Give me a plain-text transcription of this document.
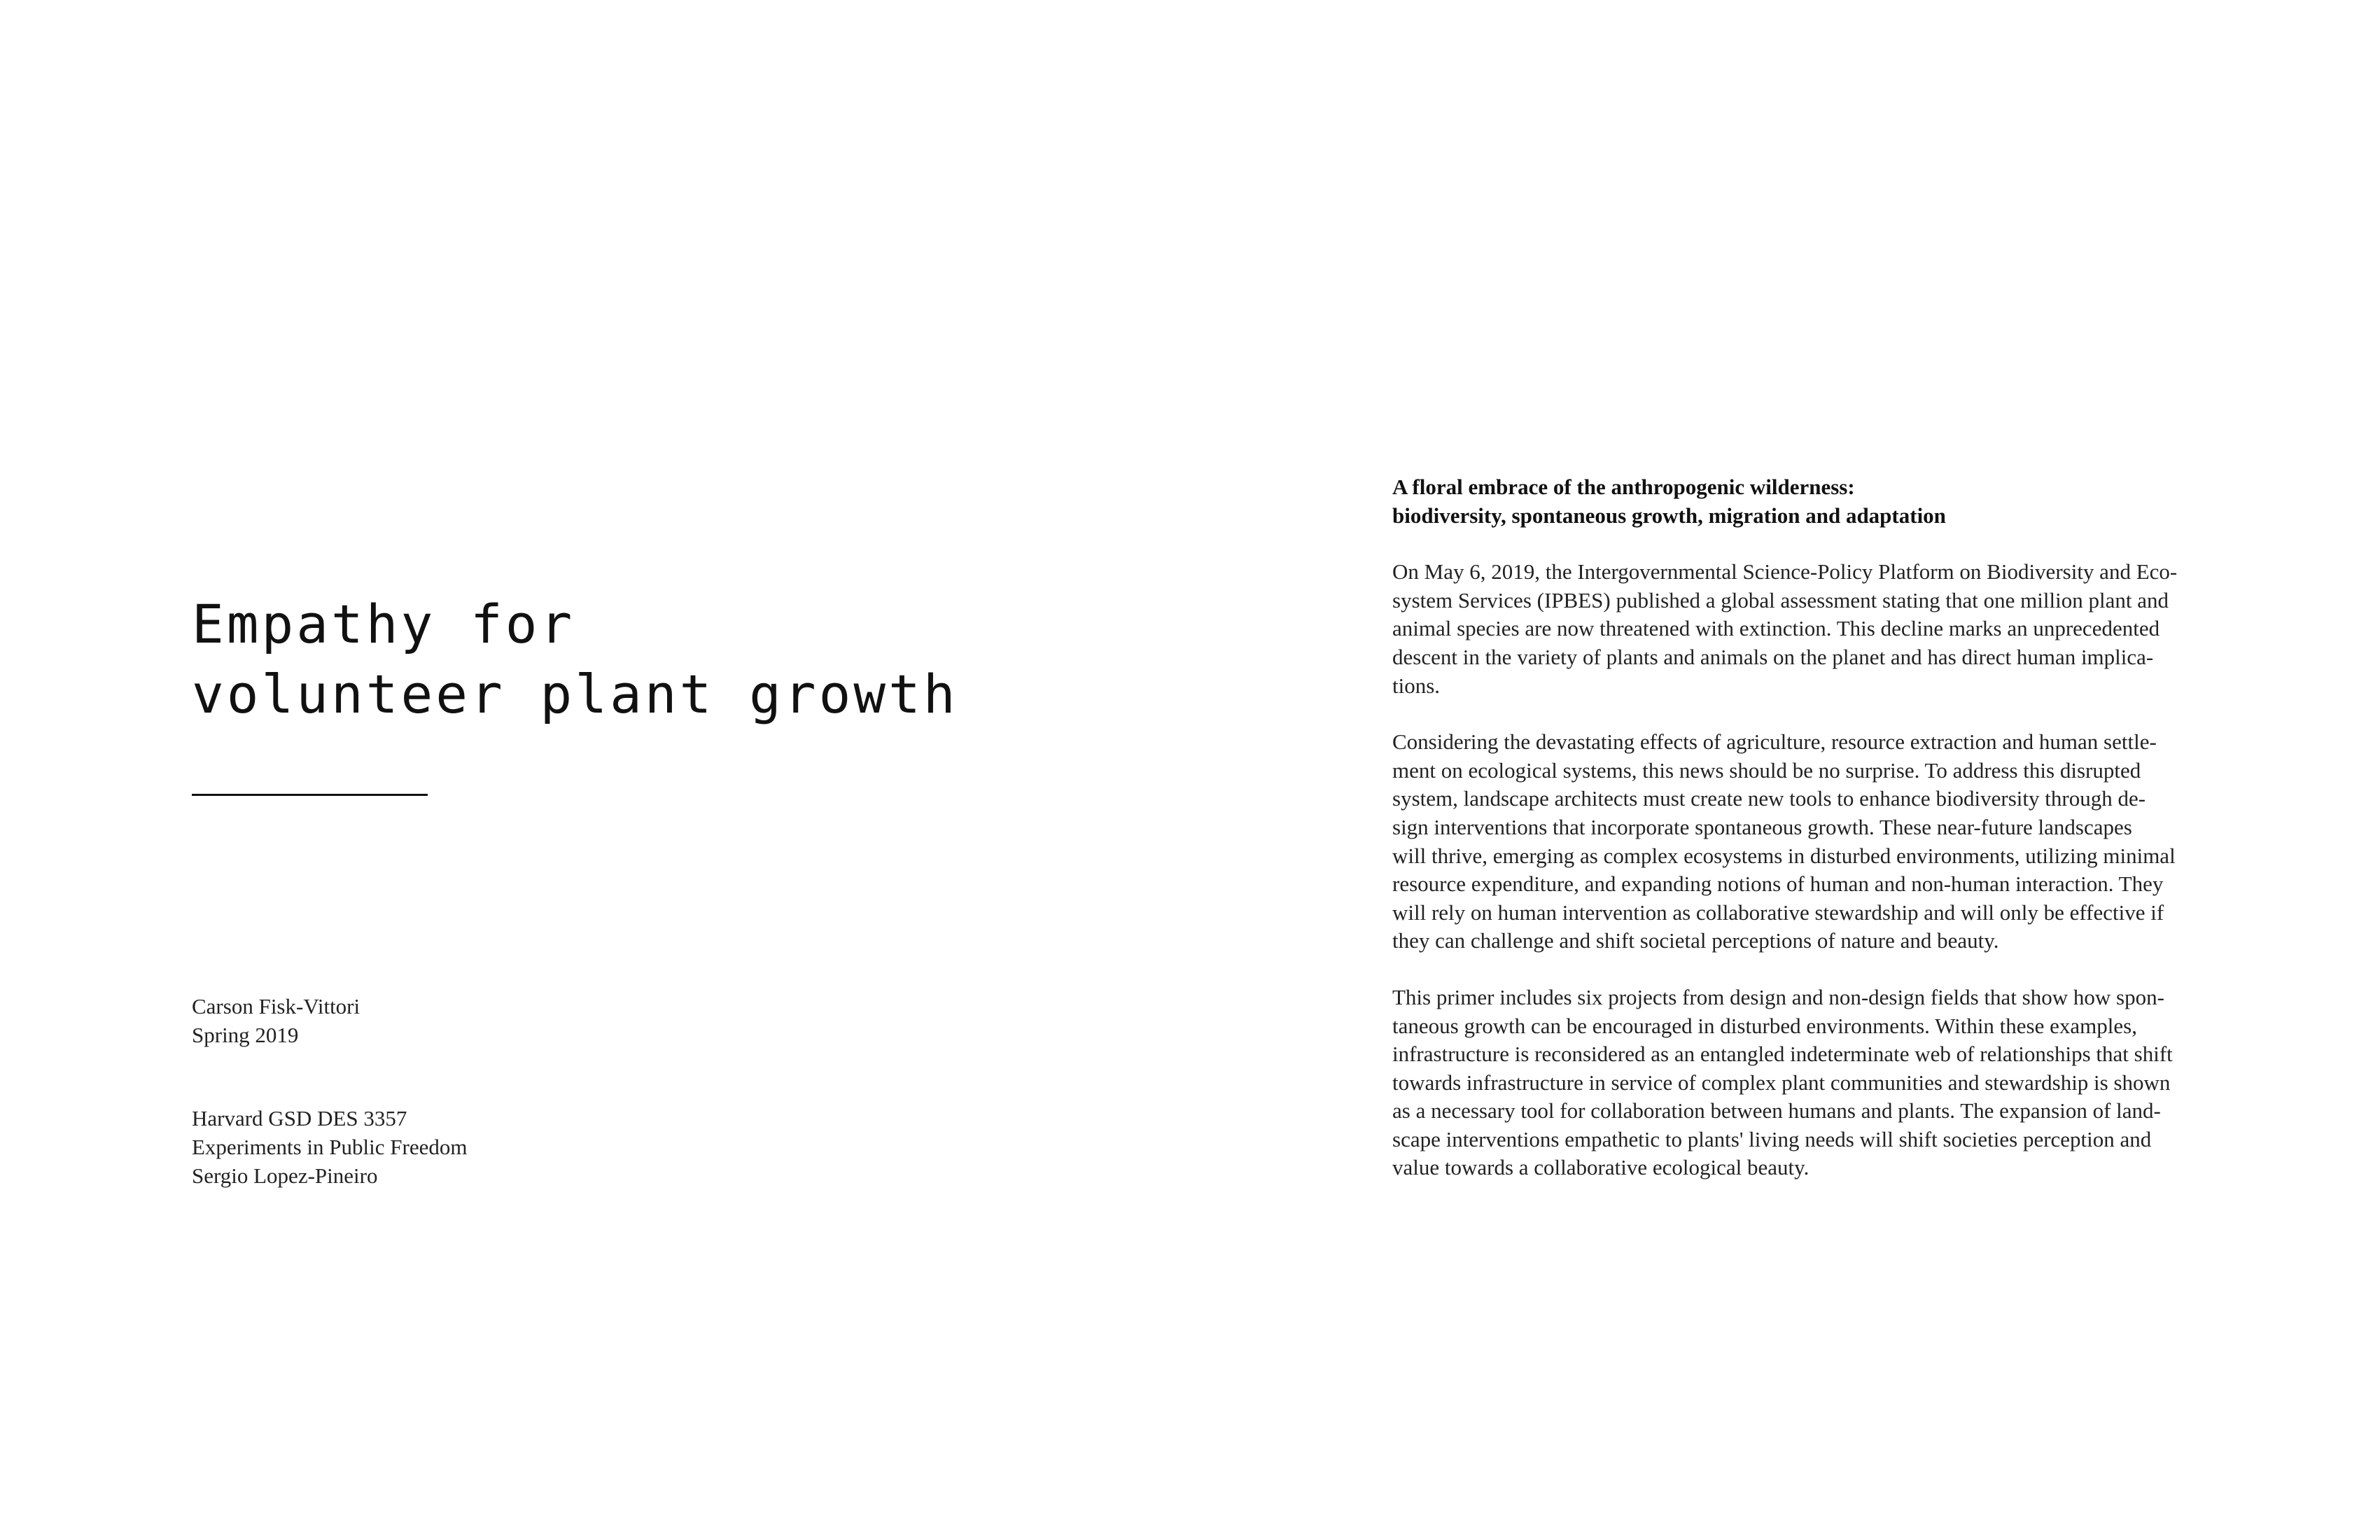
Empathy for
volunteer plant growth
Carson Fisk-Vittori
Spring 2019
Harvard GSD DES 3357
Experiments in Public Freedom
Sergio Lopez-Pineiro
A floral embrace of the anthropogenic wilderness:
biodiversity, spontaneous growth, migration and adaptation

On May 6, 2019, the Intergovernmental Science-Policy Platform on Biodiversity and Eco-
system Services (IPBES) published a global assessment stating that one million plant and
animal species are now threatened with extinction. This decline marks an unprecedented
descent in the variety of plants and animals on the planet and has direct human implica-
tions.

Considering the devastating effects of agriculture, resource extraction and human settle-
ment on ecological systems, this news should be no surprise. To address this disrupted
system, landscape architects must create new tools to enhance biodiversity through de-
sign interventions that incorporate spontaneous growth. These near-future landscapes
will thrive, emerging as complex ecosystems in disturbed environments, utilizing minimal
resource expenditure, and expanding notions of human and non-human interaction. They
will rely on human intervention as collaborative stewardship and will only be effective if
they can challenge and shift societal perceptions of nature and beauty.

This primer includes six projects from design and non-design fields that show how spon-
taneous growth can be encouraged in disturbed environments. Within these examples,
infrastructure is reconsidered as an entangled indeterminate web of relationships that shift
towards infrastructure in service of complex plant communities and stewardship is shown
as a necessary tool for collaboration between humans and plants. The expansion of land-
scape interventions empathetic to plants' living needs will shift societies perception and
value towards a collaborative ecological beauty.
